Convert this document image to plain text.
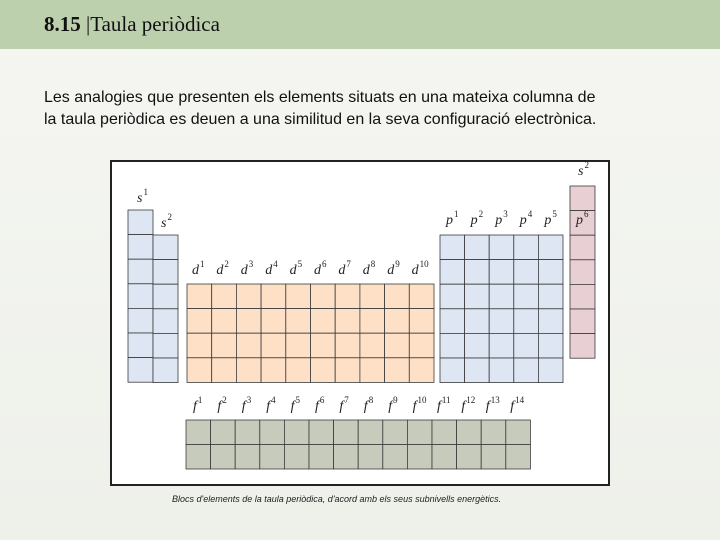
8.15 |Taula periòdica
Les analogies que presenten els elements situats en una mateixa columna de
la taula periòdica es deuen a una similitud en la seva configuració electrònica.
$s^1$
$s^2$
$d^1$ $d^2$ $d^3$ $d^4$ $d^5$ $d^6$ $d^7$ $d^8$ $d^9$ $d^{10}$
$p^1$ $p^2$ $p^3$ $p^4$ $p^5$ $p^6$
$s^2$
$f^1$ $f^2$ $f^3$ $f^4$ $f^5$ $f^6$ $f^7$ $f^8$ $f^9$ $f^{10}$ $f^{11}$ $f^{12}$ $f^{13}$ $f^{14}$
Blocs d'elements de la taula periòdica, d'acord amb els seus subnivells energètics.
